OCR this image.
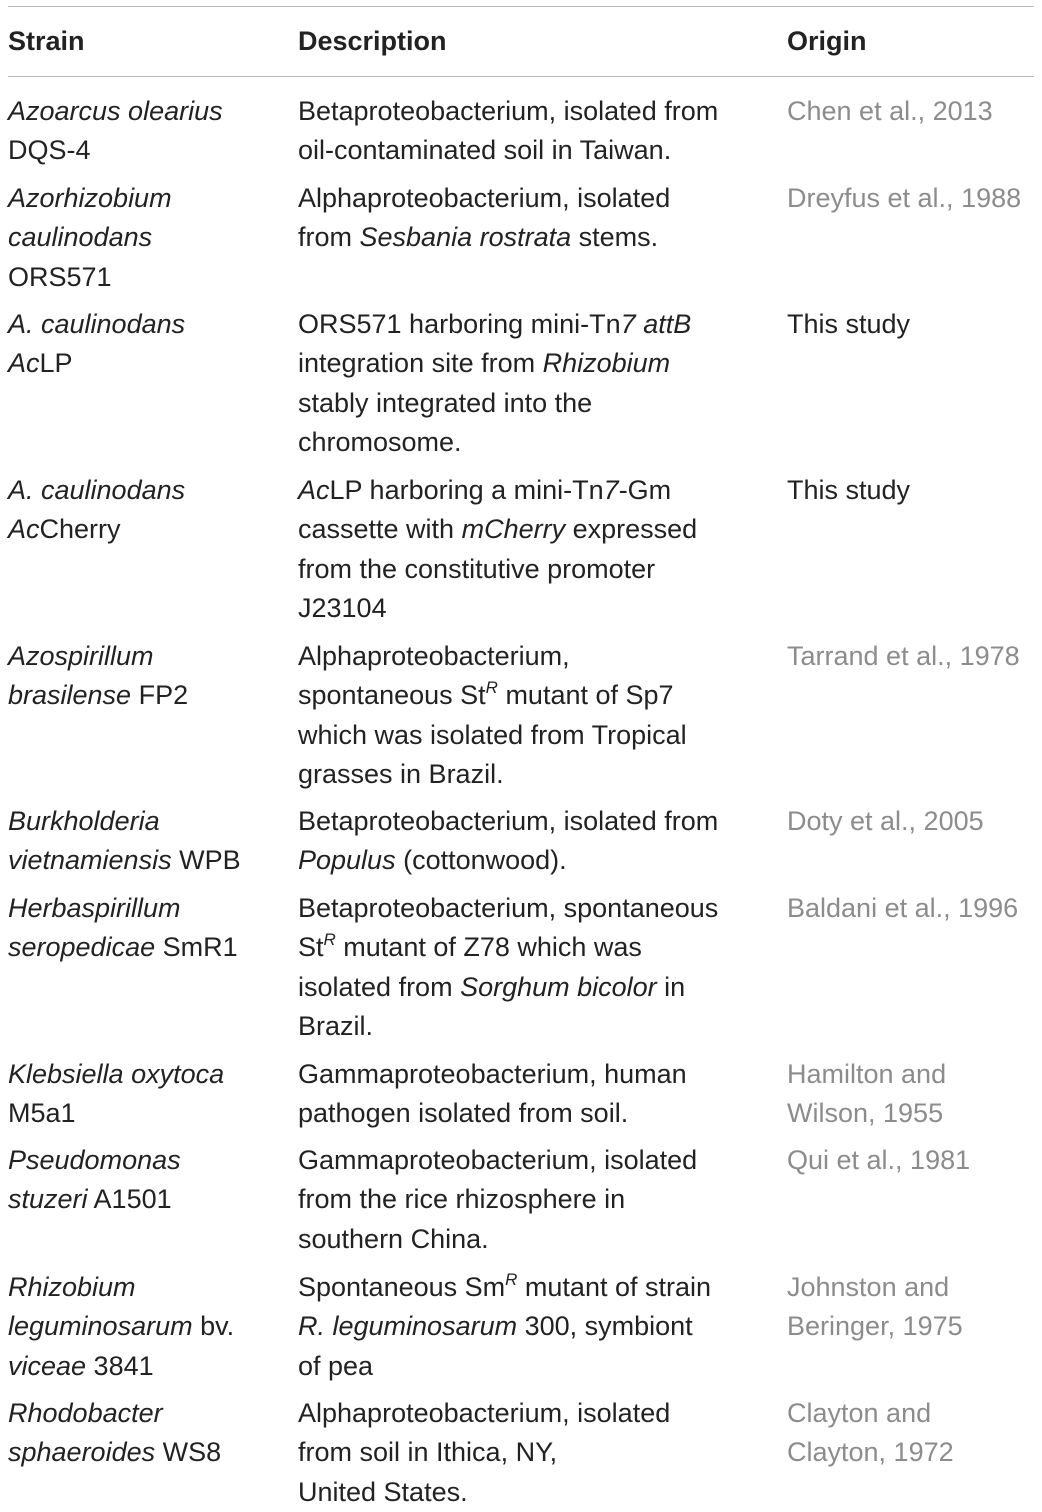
Strain	Description	Origin
Azoarcus olearius
DQS-4
Betaproteobacterium, isolated from
oil-contaminated soil in Taiwan.
Chen et al., 2013
Azorhizobium
caulinodans
ORS571
Alphaproteobacterium, isolated
from Sesbania rostrata stems.
Dreyfus et al., 1988
A. caulinodans
AcLP
ORS571 harboring mini-Tn7 attB
integration site from Rhizobium
stably integrated into the
chromosome.
This study
A. caulinodans
AcCherry
AcLP harboring a mini-Tn7-Gm
cassette with mCherry expressed
from the constitutive promoter
J23104
This study
Azospirillum
brasilense FP2
Alphaproteobacterium,
spontaneous $St^R$ mutant of Sp7
which was isolated from Tropical
grasses in Brazil.
Tarrand et al., 1978
Burkholderia
vietnamiensis WPB
Betaproteobacterium, isolated from
Populus (cottonwood).
Doty et al., 2005
Herbaspirillum
seropedicae SmR1
Betaproteobacterium, spontaneous
$St^R$ mutant of Z78 which was
isolated from Sorghum bicolor in
Brazil.
Baldani et al., 1996
Klebsiella oxytoca
M5a1
Gammaproteobacterium, human
pathogen isolated from soil.
Hamilton and
Wilson, 1955
Pseudomonas
stuzeri A1501
Gammaproteobacterium, isolated
from the rice rhizosphere in
southern China.
Qui et al., 1981
Rhizobium
leguminosarum bv.
viceae 3841
Spontaneous $Sm^R$ mutant of strain
R. leguminosarum 300, symbiont
of pea
Johnston and
Beringer, 1975
Rhodobacter
sphaeroides WS8
Alphaproteobacterium, isolated
from soil in Ithica, NY,
United States.
Clayton and
Clayton, 1972
